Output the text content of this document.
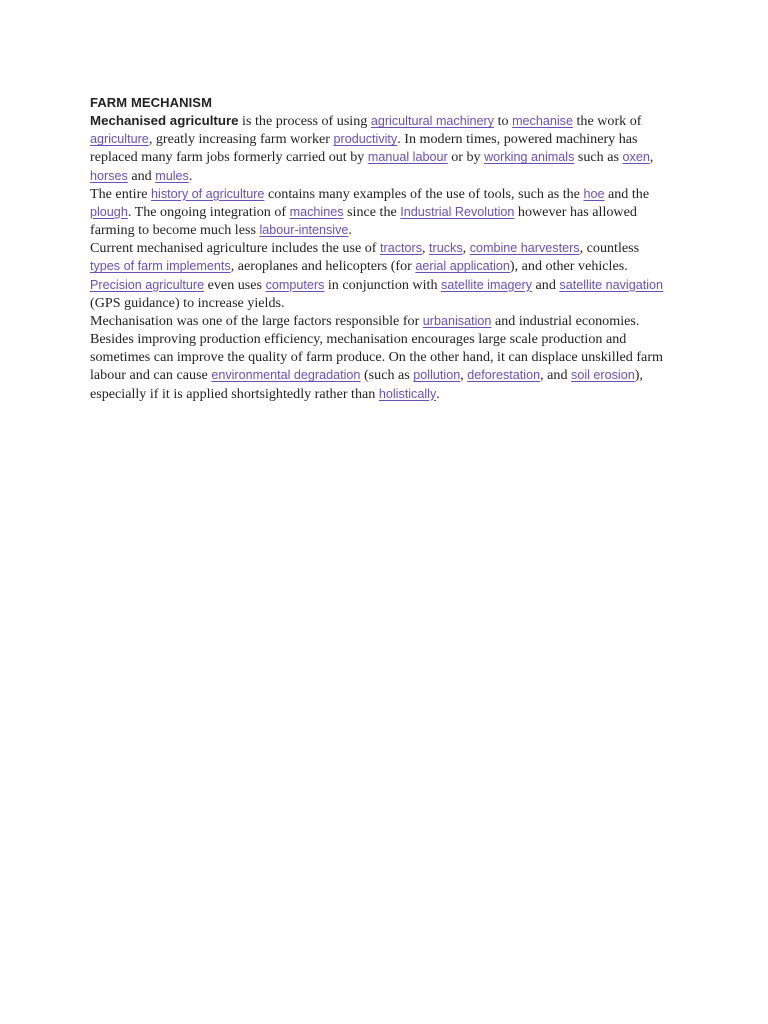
FARM MECHANISM

Mechanised agriculture is the process of using agricultural machinery to mechanise the work of agriculture, greatly increasing farm worker productivity. In modern times, powered machinery has replaced many farm jobs formerly carried out by manual labour or by working animals such as oxen, horses and mules.

The entire history of agriculture contains many examples of the use of tools, such as the hoe and the plough. The ongoing integration of machines since the Industrial Revolution however has allowed farming to become much less labour-intensive.

Current mechanised agriculture includes the use of tractors, trucks, combine harvesters, countless types of farm implements, aeroplanes and helicopters (for aerial application), and other vehicles. Precision agriculture even uses computers in conjunction with satellite imagery and satellite navigation (GPS guidance) to increase yields.

Mechanisation was one of the large factors responsible for urbanisation and industrial economies. Besides improving production efficiency, mechanisation encourages large scale production and sometimes can improve the quality of farm produce. On the other hand, it can displace unskilled farm labour and can cause environmental degradation (such as pollution, deforestation, and soil erosion), especially if it is applied shortsightedly rather than holistically.
